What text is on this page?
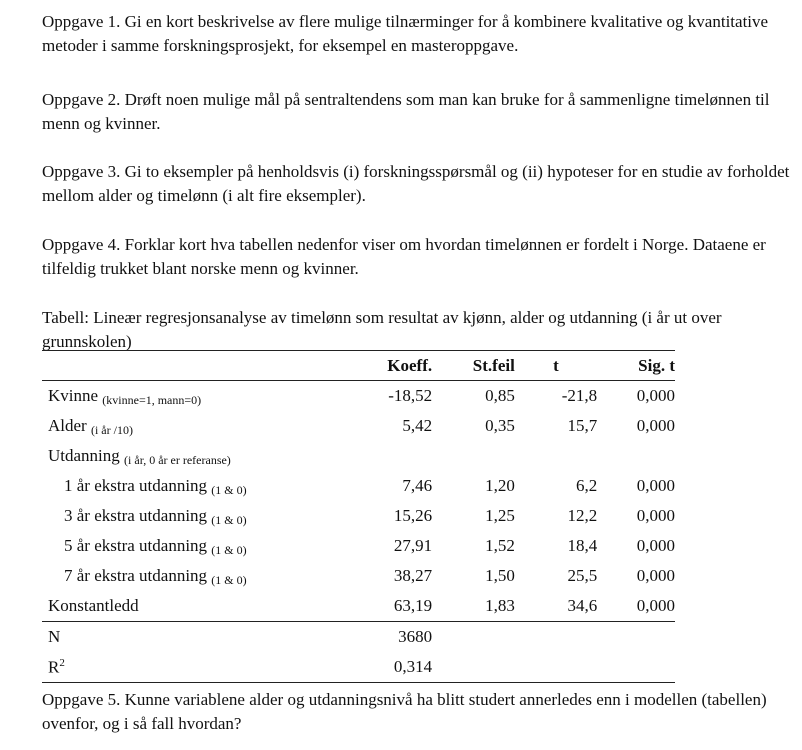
Oppgave 1. Gi en kort beskrivelse av flere mulige tilnærminger for å kombinere kvalitative og kvantitative metoder i samme forskningsprosjekt, for eksempel en masteroppgave.

Oppgave 2. Drøft noen mulige mål på sentraltendens som man kan bruke for å sammenligne timelønnen til menn og kvinner.

Oppgave 3. Gi to eksempler på henholdsvis (i) forskningsspørsmål og (ii) hypoteser for en studie av forholdet mellom alder og timelønn (i alt fire eksempler).

Oppgave 4. Forklar kort hva tabellen nedenfor viser om hvordan timelønnen er fordelt i Norge. Dataene er tilfeldig trukket blant norske menn og kvinner.

Tabell: Lineær regresjonsanalyse av timelønn som resultat av kjønn, alder og utdanning (i år ut over grunnskolen)

	Koeff.	St.feil	t	Sig. t
Kvinne (kvinne=1, mann=0)	-18,52	0,85	-21,8	0,000
Alder (i år /10)	5,42	0,35	15,7	0,000
Utdanning (i år, 0 år er referanse)				
1 år ekstra utdanning (1 & 0)	7,46	1,20	6,2	0,000
3 år ekstra utdanning (1 & 0)	15,26	1,25	12,2	0,000
5 år ekstra utdanning (1 & 0)	27,91	1,52	18,4	0,000
7 år ekstra utdanning (1 & 0)	38,27	1,50	25,5	0,000
Konstantledd	63,19	1,83	34,6	0,000
N	3680			
$R^2$	0,314			

Oppgave 5. Kunne variablene alder og utdanningsnivå ha blitt studert annerledes enn i modellen (tabellen) ovenfor, og i så fall hvordan?
